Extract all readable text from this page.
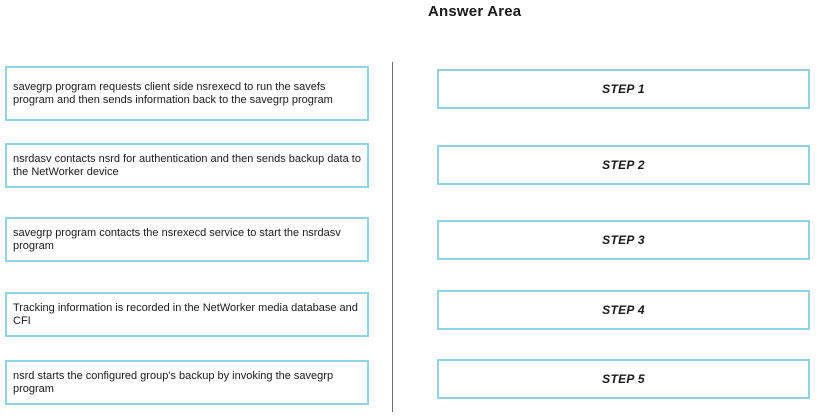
Answer Area
savegrp program requests client side nsrexecd to run the savefs program and then sends information back to the savegrp program
nsrdasv contacts nsrd for authentication and then sends backup data to the NetWorker device
savegrp program contacts the nsrexecd service to start the nsrdasv program
Tracking information is recorded in the NetWorker media database and CFI
nsrd starts the configured group's backup by invoking the savegrp program
STEP 1
STEP 2
STEP 3
STEP 4
STEP 5
